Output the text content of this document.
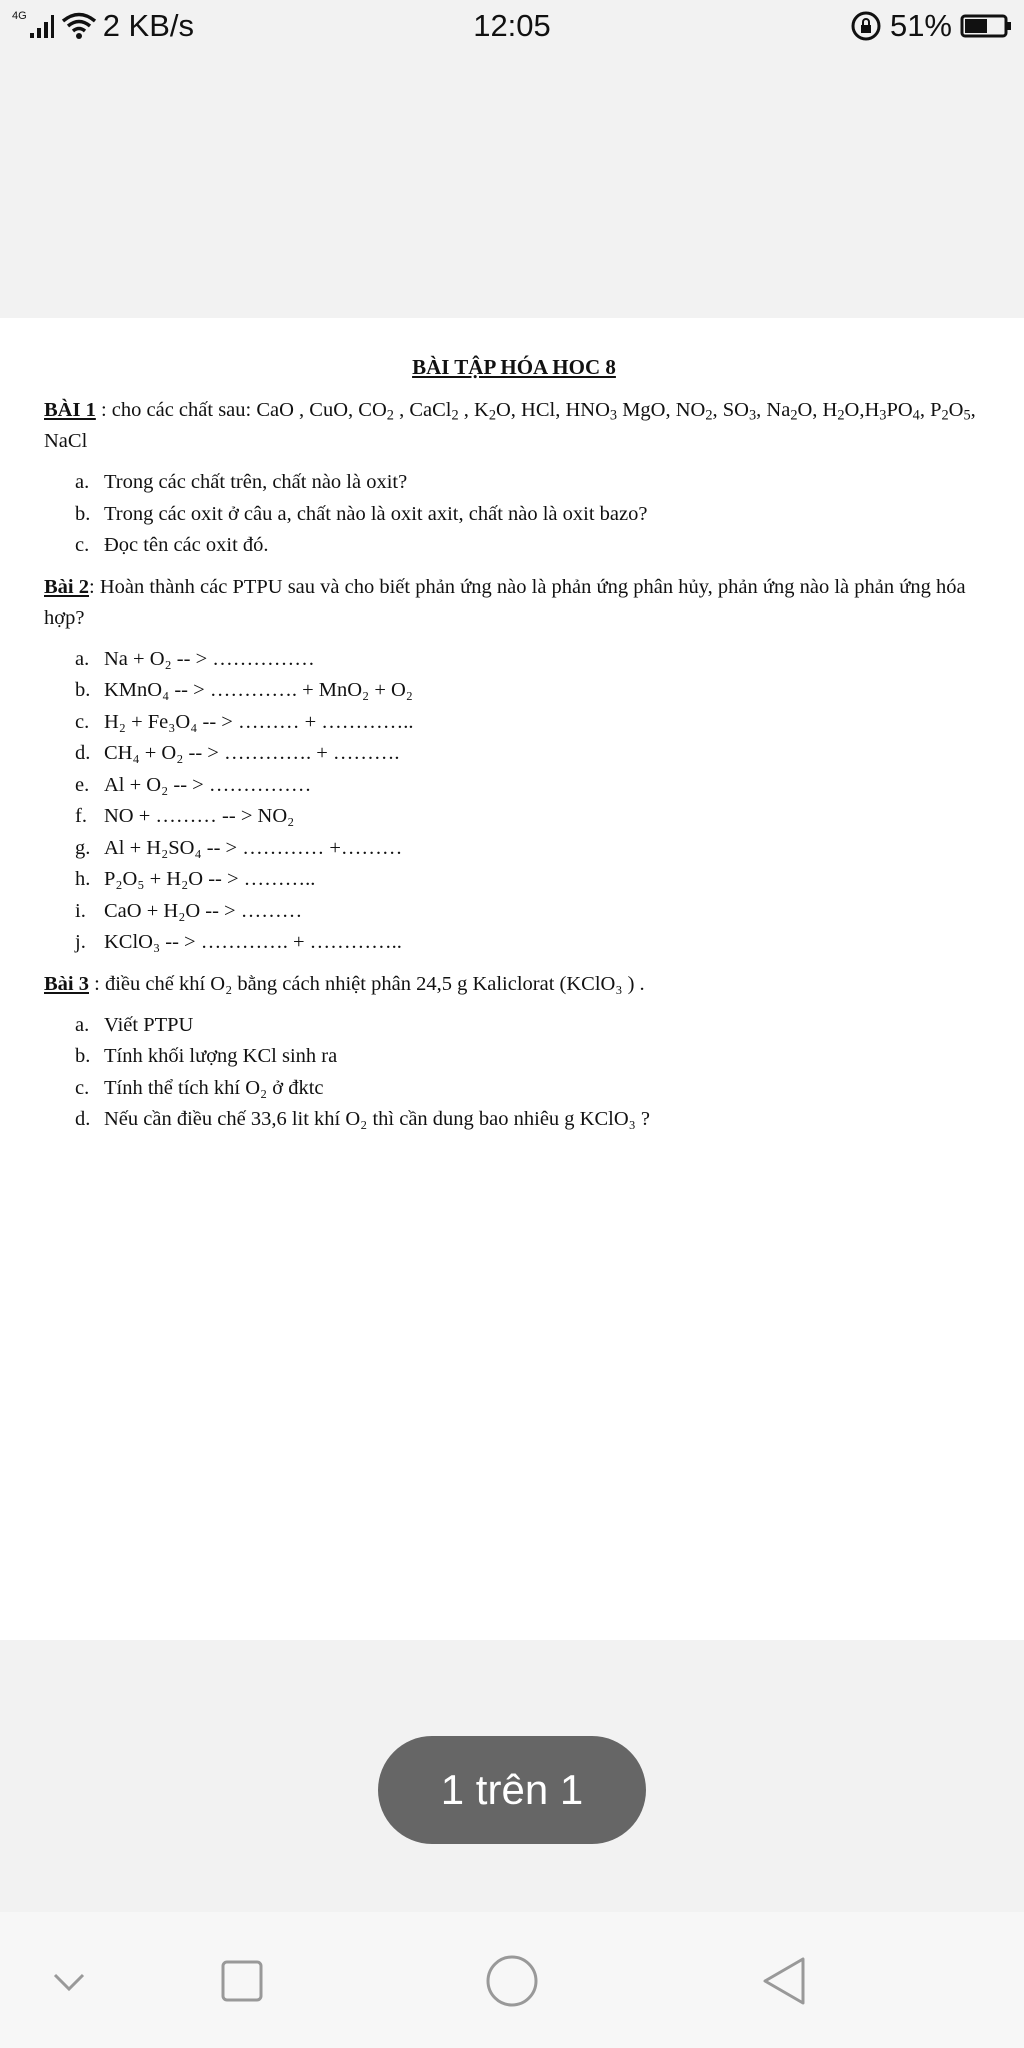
4G 2 KB/s	12:05	51%
BÀI TẬP HÓA HOC 8

BÀI 1 : cho các chất sau: CaO , CuO, $CO_2$ , CaCl$_2$ , $K_2O$, HCl, $HNO_3$ MgO, $NO_2$, $SO_3$, $Na_2O$, $H_2O,H_3PO_4$, $P_2O_5$, NaCl

a. Trong các chất trên, chất nào là oxit?
b. Trong các oxit ở câu a, chất nào là oxit axit, chất nào là oxit bazo?
c. Đọc tên các oxit đó.

Bài 2: Hoàn thành các PTPU sau và cho biết phản ứng nào là phản ứng phân hủy, phản ứng nào là phản ứng hóa hợp?

a. Na + O₂ -- > ……………
b. KMnO₄ -- > …………. + MnO₂ + O₂
c. H₂ + Fe₃O₄ -- > ……… + …………..
d. CH₄ + O₂ -- > …………. + ……….
e. Al + O₂ -- > ……………
f. NO + ……… -- > NO₂
g. Al + H₂SO₄ -- > ………… +………
h. P₂O₅ + H₂O -- > ………..
i. CaO + H₂O -- > ………
j. KClO₃ -- > …………. + …………..

Bài 3 : điều chế khí O₂ bằng cách nhiệt phân 24,5 g Kaliclorat (KClO₃ ) .

a. Viết PTPU
b. Tính khối lượng KCl sinh ra
c. Tính thể tích khí O₂ ở đktc
d. Nếu cần điều chế 33,6 lit khí O₂ thì cần dung bao nhiêu g KClO₃ ?
1 trên 1
